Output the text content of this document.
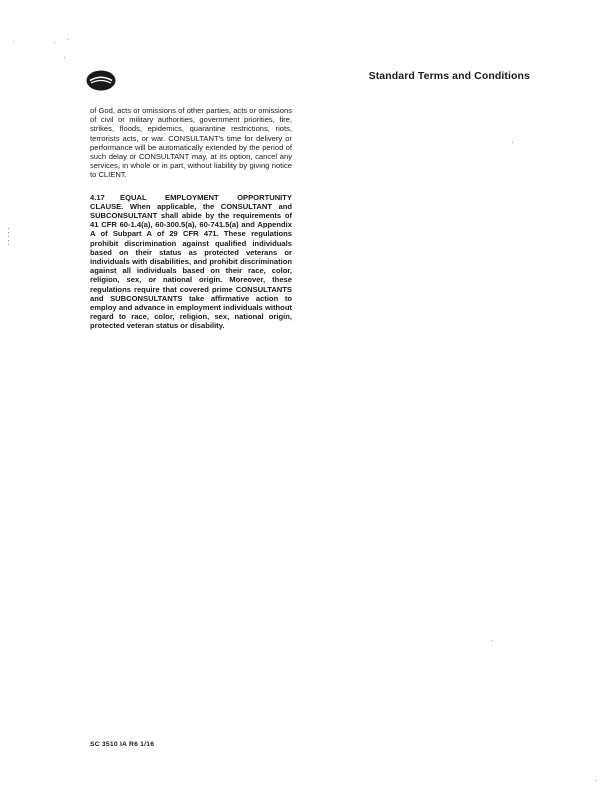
Standard Terms and Conditions

of God, acts or omissions of other parties, acts or omissions of civil or military authorities, government priorities, fire, strikes, floods, epidemics, quarantine restrictions, riots, terrorists acts, or war. CONSULTANT's time for delivery or performance will be automatically extended by the period of such delay or CONSULTANT may, at its option, cancel any services, in whole or in part, without liability by giving notice to CLIENT.

4.17 EQUAL EMPLOYMENT OPPORTUNITY CLAUSE. When applicable, the CONSULTANT and SUBCONSULTANT shall abide by the requirements of 41 CFR 60-1.4(a), 60-300.5(a), 60-741.5(a) and Appendix A of Subpart A of 29 CFR 471. These regulations prohibit discrimination against qualified individuals based on their status as protected veterans or individuals with disabilities, and prohibit discrimination against all individuals based on their race, color, religion, sex, or national origin. Moreover, these regulations require that covered prime CONSULTANTS and SUBCONSULTANTS take affirmative action to employ and advance in employment individuals without regard to race, color, religion, sex, national origin, protected veteran status or disability.

SC 3510 IA R6 1/16
